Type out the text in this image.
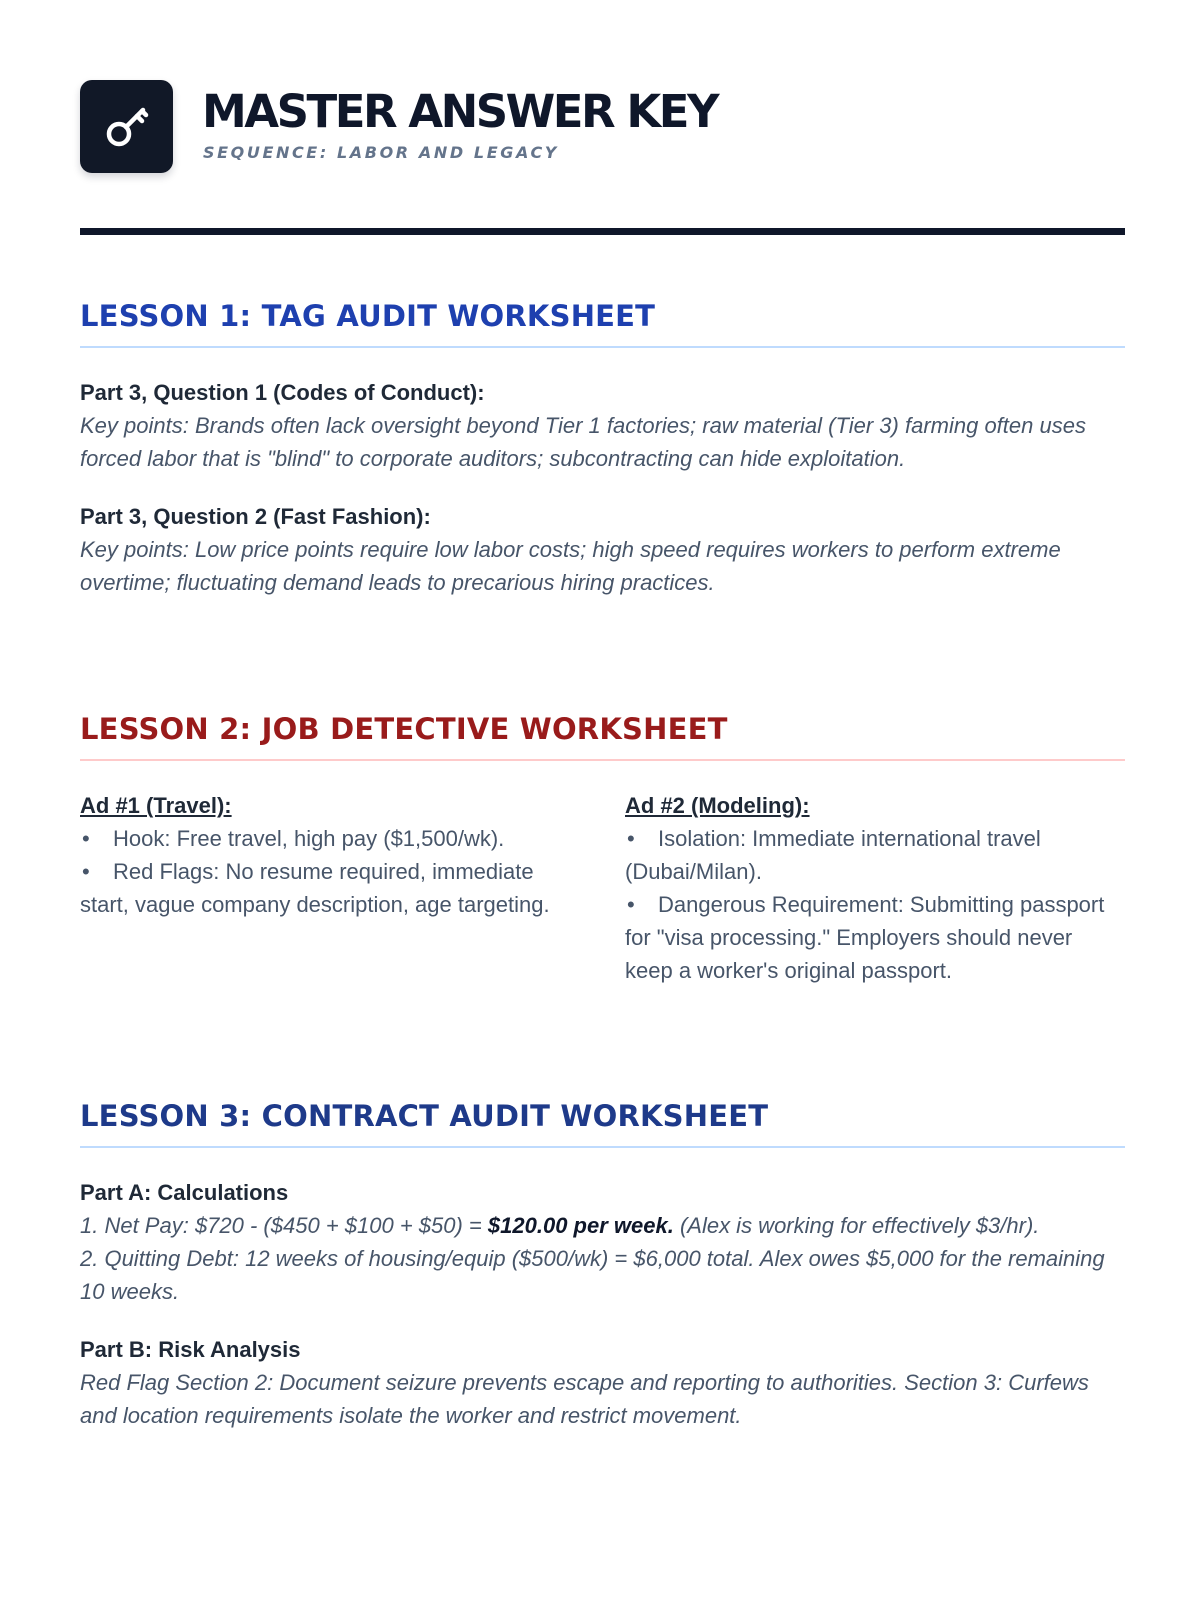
MASTER ANSWER KEY
SEQUENCE: LABOR AND LEGACY
LESSON 1: TAG AUDIT WORKSHEET

Part 3, Question 1 (Codes of Conduct):

Key points: Brands often lack oversight beyond Tier 1 factories; raw material (Tier 3) farming often uses forced labor that is "blind" to corporate auditors; subcontracting can hide exploitation.

Part 3, Question 2 (Fast Fashion):

Key points: Low price points require low labor costs; high speed requires workers to perform extreme overtime; fluctuating demand leads to precarious hiring practices.

LESSON 2: JOB DETECTIVE WORKSHEET

Ad #1 (Travel):

• Hook: Free travel, high pay ($1,500/wk).

• Red Flags: No resume required, immediate start, vague company description, age targeting.

Ad #2 (Modeling):

• Isolation: Immediate international travel (Dubai/Milan).

• Dangerous Requirement: Submitting passport for "visa processing." Employers should never keep a worker's original passport.

LESSON 3: CONTRACT AUDIT WORKSHEET

Part A: Calculations

1. Net Pay: $720 - ($450 + $100 + $50) = $120.00 per week. (Alex is working for effectively $3/hr).

2. Quitting Debt: 12 weeks of housing/equip ($500/wk) = $6,000 total. Alex owes $5,000 for the remaining 10 weeks.

Part B: Risk Analysis

Red Flag Section 2: Document seizure prevents escape and reporting to authorities. Section 3: Curfews and location requirements isolate the worker and restrict movement.
